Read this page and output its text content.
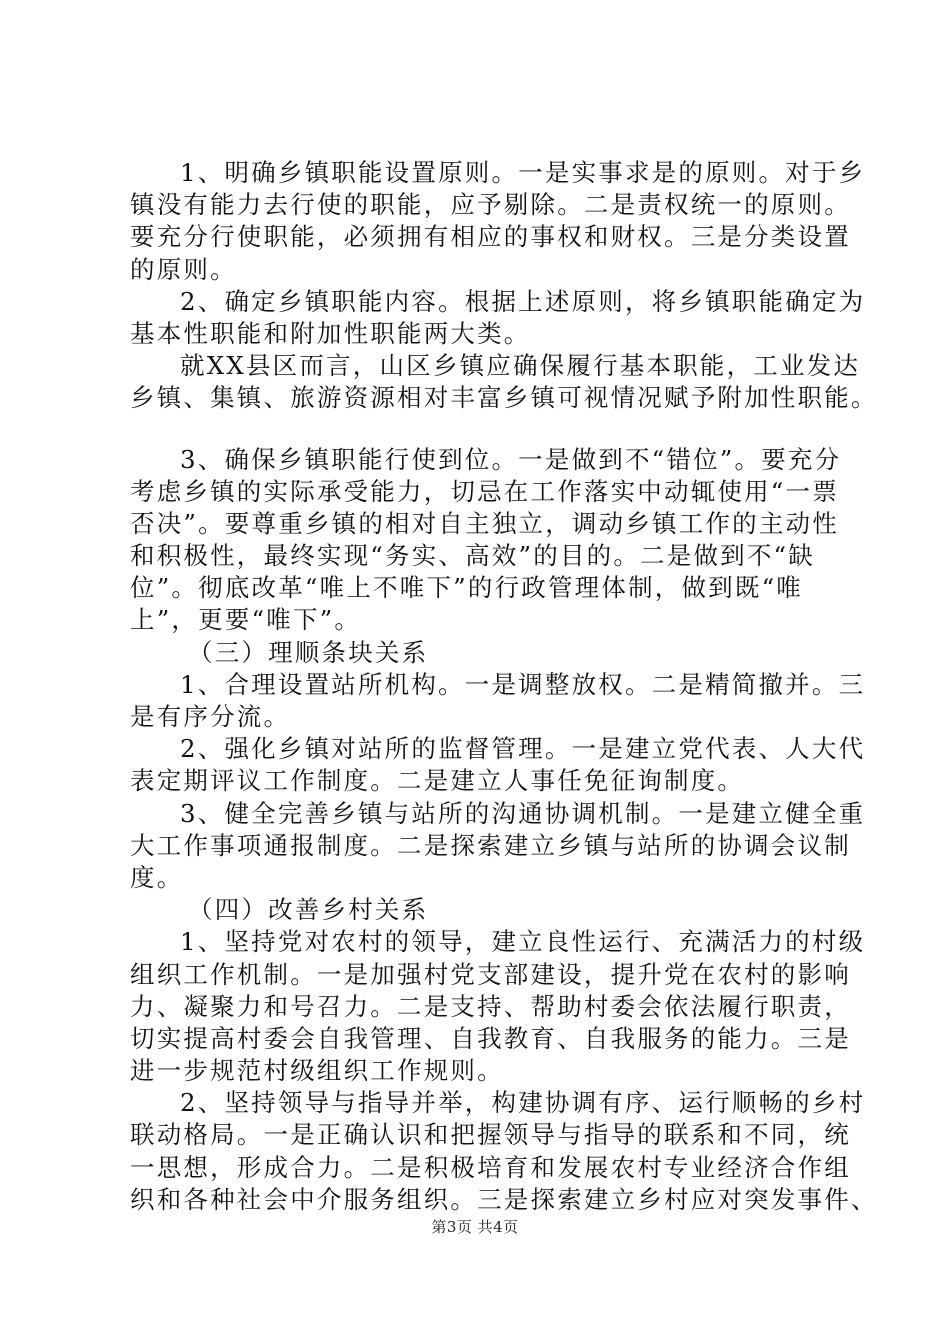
1、明确乡镇职能设置原则。一是实事求是的原则。对于乡
镇没有能力去行使的职能，应予剔除。二是责权统一的原则。
要充分行使职能，必须拥有相应的事权和财权。三是分类设置
的原则。
2、确定乡镇职能内容。根据上述原则，将乡镇职能确定为
基本性职能和附加性职能两大类。
就XX县区而言，山区乡镇应确保履行基本职能，工业发达
乡镇、集镇、旅游资源相对丰富乡镇可视情况赋予附加性职能。
3、确保乡镇职能行使到位。一是做到不“错位”。要充分
考虑乡镇的实际承受能力，切忌在工作落实中动辄使用“一票
否决”。要尊重乡镇的相对自主独立，调动乡镇工作的主动性
和积极性，最终实现“务实、高效”的目的。二是做到不“缺
位”。彻底改革“唯上不唯下”的行政管理体制，做到既“唯
上”，更要“唯下”。
（三）理顺条块关系
1、合理设置站所机构。一是调整放权。二是精简撤并。三
是有序分流。
2、强化乡镇对站所的监督管理。一是建立党代表、人大代
表定期评议工作制度。二是建立人事任免征询制度。
3、健全完善乡镇与站所的沟通协调机制。一是建立健全重
大工作事项通报制度。二是探索建立乡镇与站所的协调会议制
度。
（四）改善乡村关系
1、坚持党对农村的领导，建立良性运行、充满活力的村级
组织工作机制。一是加强村党支部建设，提升党在农村的影响
力、凝聚力和号召力。二是支持、帮助村委会依法履行职责，
切实提高村委会自我管理、自我教育、自我服务的能力。三是
进一步规范村级组织工作规则。
2、坚持领导与指导并举，构建协调有序、运行顺畅的乡村
联动格局。一是正确认识和把握领导与指导的联系和不同，统
一思想，形成合力。二是积极培育和发展农村专业经济合作组
织和各种社会中介服务组织。三是探索建立乡村应对突发事件、
第3页 共4页
